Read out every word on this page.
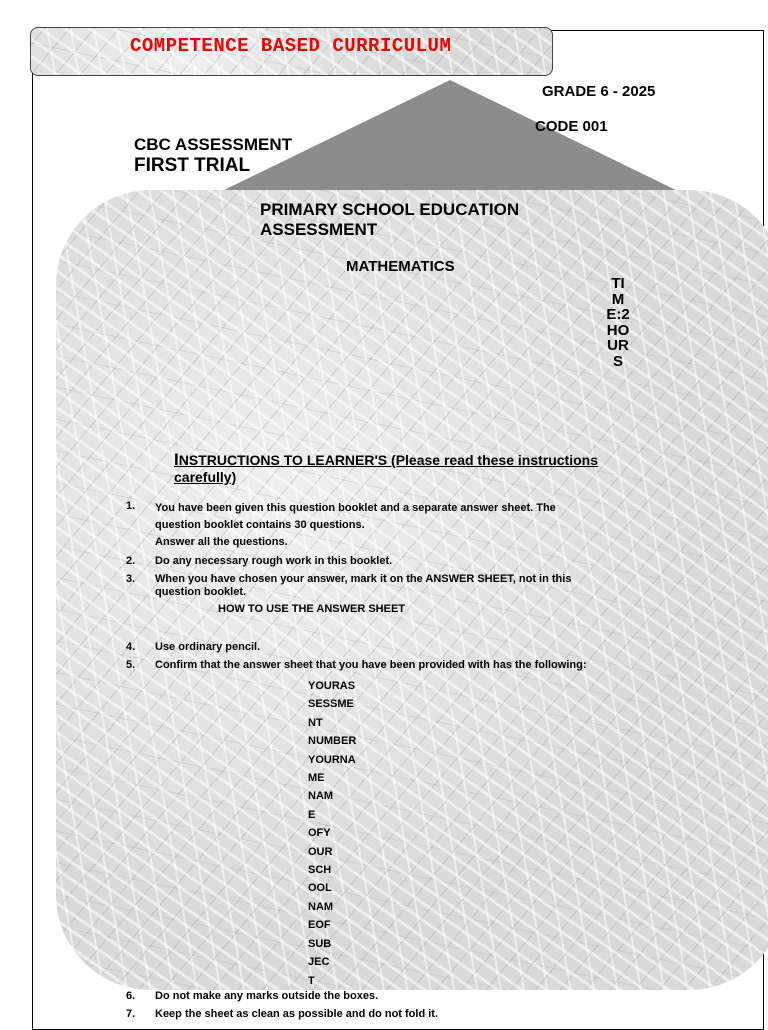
COMPETENCE BASED CURRICULUM
GRADE 6 - 2025
CODE 001
CBC ASSESSMENT
FIRST TRIAL
PRIMARY SCHOOL EDUCATION ASSESSMENT
MATHEMATICS
TIME:2HOURS
INSTRUCTIONS TO LEARNER'S (Please read these instructions carefully)
1. You have been given this question booklet and a separate answer sheet. The question booklet contains 30 questions.
Answer all the questions.
2. Do any necessary rough work in this booklet.
3. When you have chosen your answer, mark it on the ANSWER SHEET, not in this question booklet.
HOW TO USE THE ANSWER SHEET
4. Use ordinary pencil.
5. Confirm that the answer sheet that you have been provided with has the following:
YOURAS
SESSME
NT
NUMBER
YOURNA
ME
NAM
E
OFY
OUR
SCH
OOL
NAM
EOF
SUB
JEC
T
6. Do not make any marks outside the boxes.
7. Keep the sheet as clean as possible and do not fold it.
